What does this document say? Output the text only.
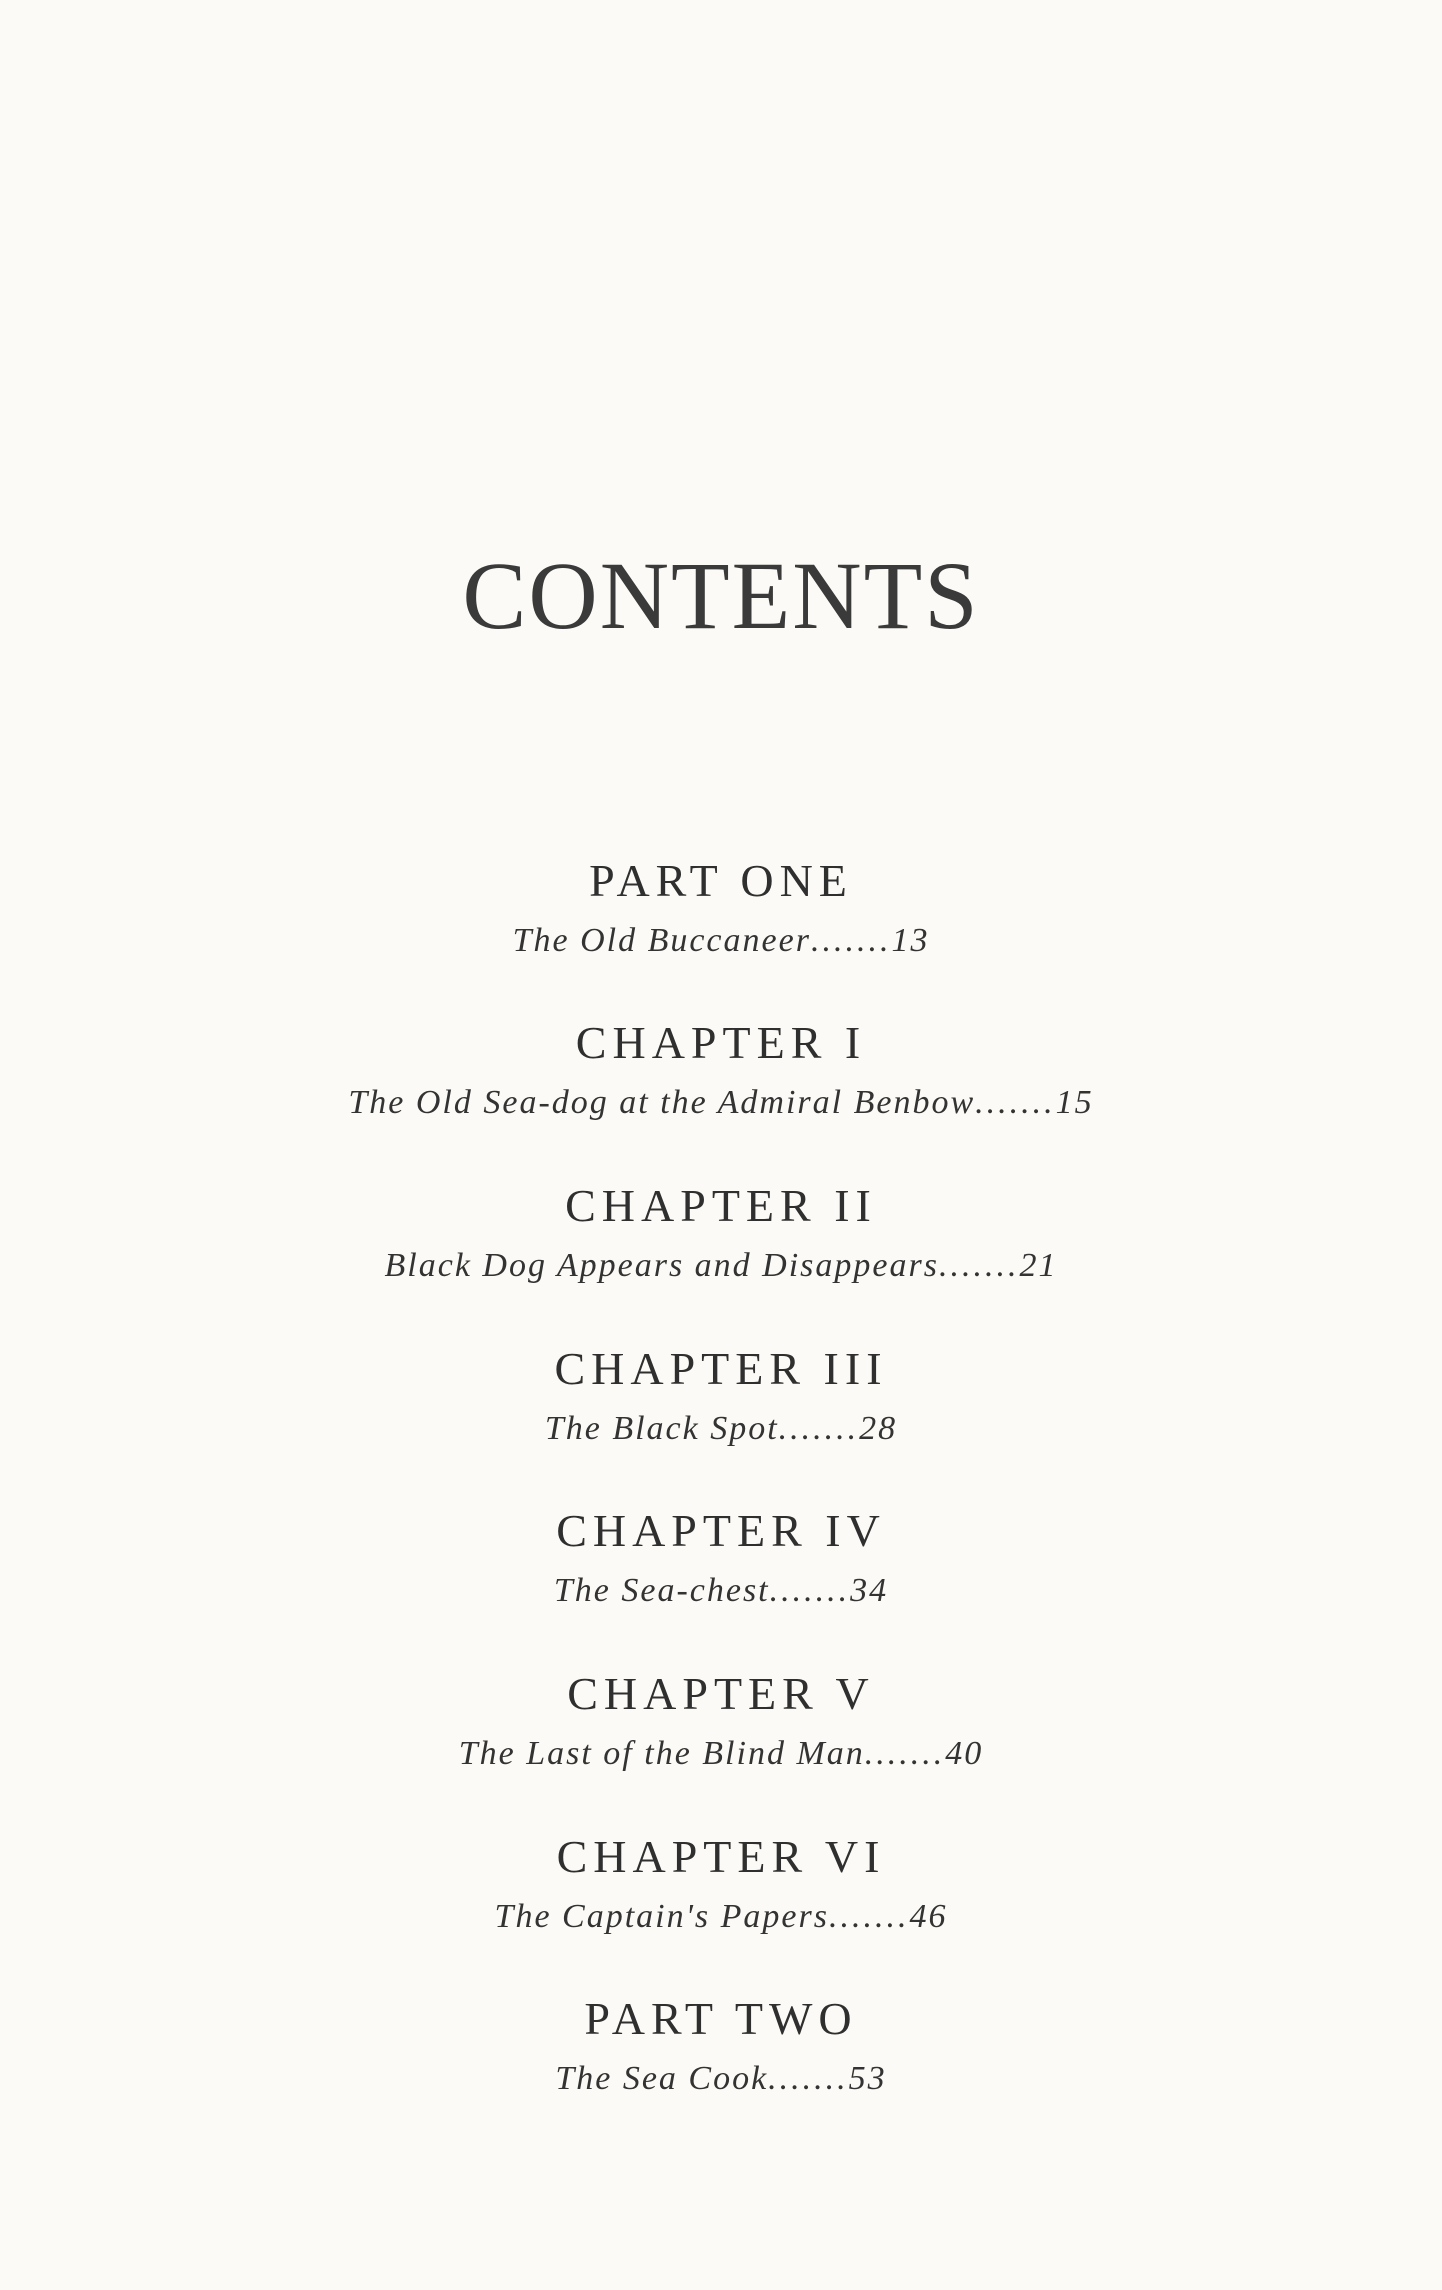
CONTENTS
PART ONE
The Old Buccaneer.......13
CHAPTER I
The Old Sea-dog at the Admiral Benbow.......15
CHAPTER II
Black Dog Appears and Disappears.......21
CHAPTER III
The Black Spot.......28
CHAPTER IV
The Sea-chest.......34
CHAPTER V
The Last of the Blind Man.......40
CHAPTER VI
The Captain's Papers.......46
PART TWO
The Sea Cook.......53
